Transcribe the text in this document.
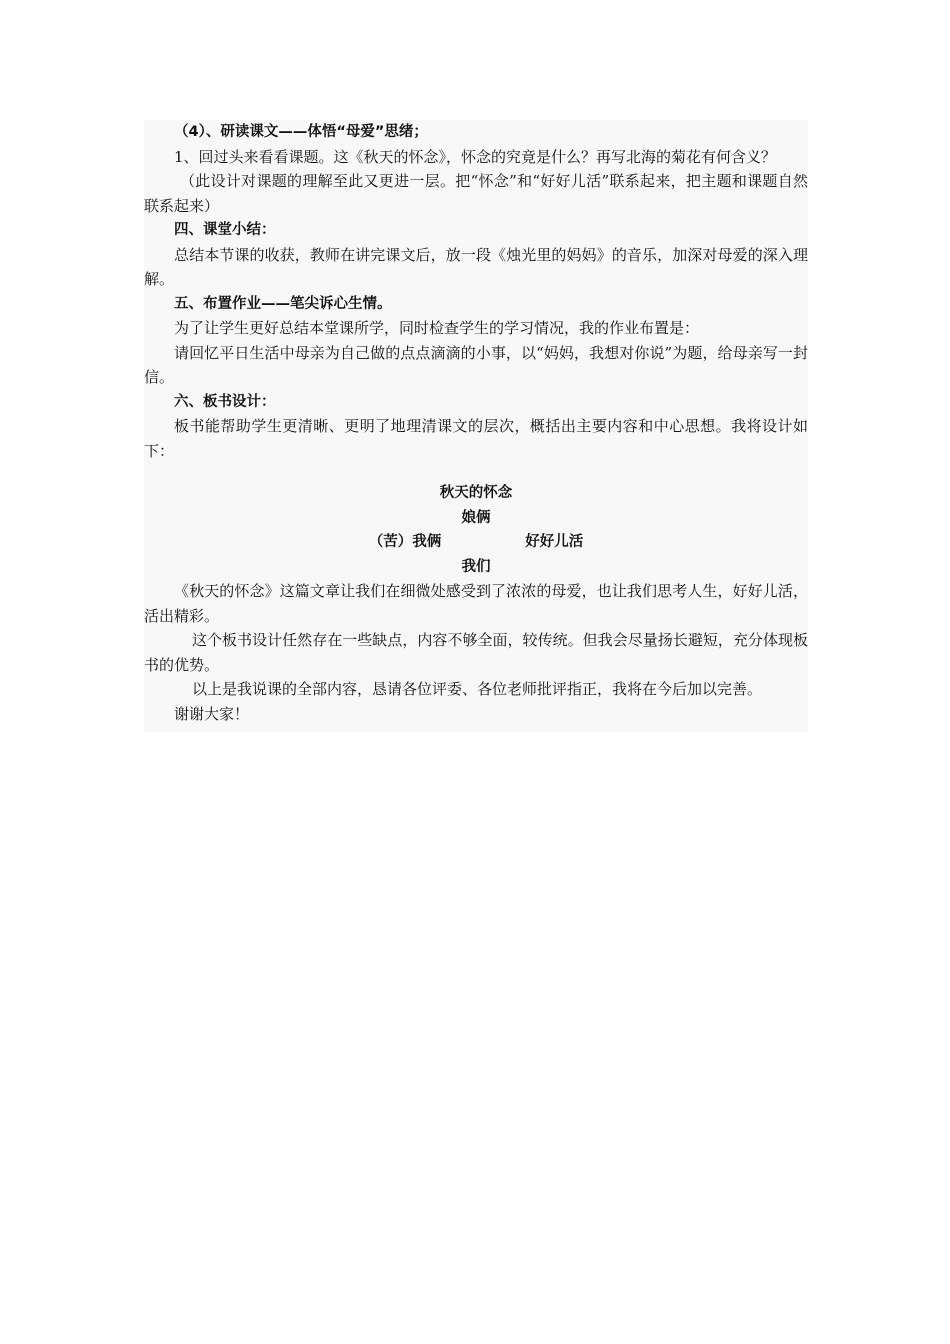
（4）、研读课文——体悟“母爱”思绪；

1、回过头来看看课题。这《秋天的怀念》，怀念的究竟是什么？再写北海的菊花有何含义？

（此设计对课题的理解至此又更进一层。把“怀念”和“好好儿活”联系起来，把主题和课题自然联系起来）

四、课堂小结：

总结本节课的收获，教师在讲完课文后，放一段《烛光里的妈妈》的音乐，加深对母爱的深入理解。

五、布置作业——笔尖诉心生情。

为了让学生更好总结本堂课所学，同时检查学生的学习情况，我的作业布置是：

请回忆平日生活中母亲为自己做的点点滴滴的小事，以“妈妈，我想对你说”为题，给母亲写一封信。

六、板书设计：

板书能帮助学生更清晰、更明了地理清课文的层次，概括出主要内容和中心思想。我将设计如下：

秋天的怀念
娘俩
（苦）我俩	好好儿活
我们

《秋天的怀念》这篇文章让我们在细微处感受到了浓浓的母爱，也让我们思考人生，好好儿活，活出精彩。

这个板书设计任然存在一些缺点，内容不够全面，较传统。但我会尽量扬长避短，充分体现板书的优势。

以上是我说课的全部内容，恳请各位评委、各位老师批评指正，我将在今后加以完善。

谢谢大家！
